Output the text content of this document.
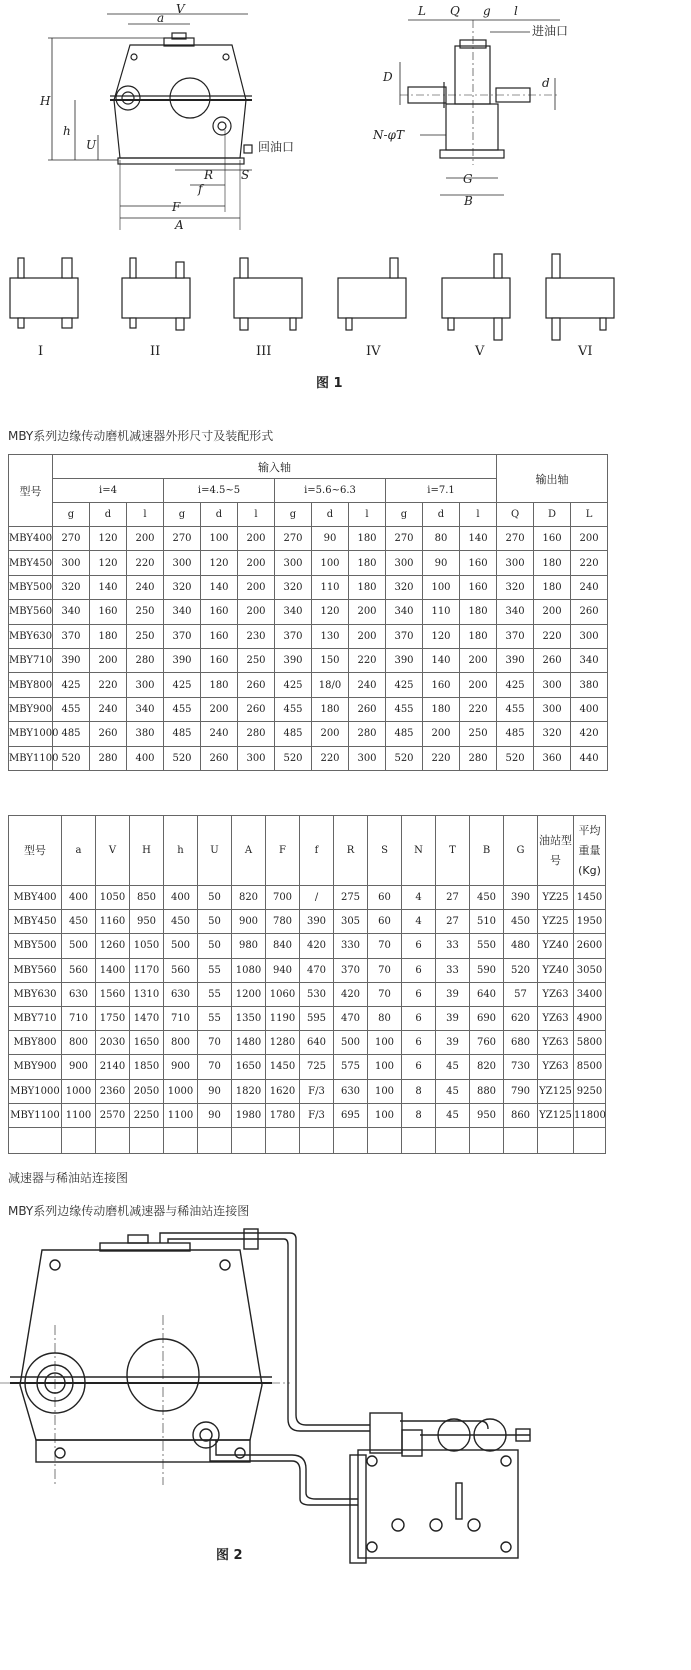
V
a
H
h
U
R S
f
F
A
回油口
L Q g l
进油口
D	d
N-φT
G
B
I	II	III	IV	V	VI
图 1
MBY系列边缘传动磨机减速器外形尺寸及装配形式
型号	输入轴												输出轴		
	i=4			i=4.5~5			i=5.6~6.3			i=7.1					
	g	d	l	g	d	l	g	d	l	g	d	l	Q	D	L
MBY400	270	120	200	270	100	200	270	90	180	270	80	140	270	160	200
MBY450	300	120	220	300	120	200	300	100	180	300	90	160	300	180	220
MBY500	320	140	240	320	140	200	320	110	180	320	100	160	320	180	240
MBY560	340	160	250	340	160	200	340	120	200	340	110	180	340	200	260
MBY630	370	180	250	370	160	230	370	130	200	370	120	180	370	220	300
MBY710	390	200	280	390	160	250	390	150	220	390	140	200	390	260	340
MBY800	425	220	300	425	180	260	425	18/0	240	425	160	200	425	300	380
MBY900	455	240	340	455	200	260	455	180	260	455	180	220	455	300	400
MBY1000	485	260	380	485	240	280	485	200	280	485	200	250	485	320	420
MBY1100	520	280	400	520	260	300	520	220	300	520	220	280	520	360	440
型号	a	V	H	h	U	A	F	f	R	S	N	T	B	G	油站型号	平均重量(Kg)
MBY400	400	1050	850	400	50	820	700	/	275	60	4	27	450	390	YZ25	1450
MBY450	450	1160	950	450	50	900	780	390	305	60	4	27	510	450	YZ25	1950
MBY500	500	1260	1050	500	50	980	840	420	330	70	6	33	550	480	YZ40	2600
MBY560	560	1400	1170	560	55	1080	940	470	370	70	6	33	590	520	YZ40	3050
MBY630	630	1560	1310	630	55	1200	1060	530	420	70	6	39	640	57	YZ63	3400
MBY710	710	1750	1470	710	55	1350	1190	595	470	80	6	39	690	620	YZ63	4900
MBY800	800	2030	1650	800	70	1480	1280	640	500	100	6	39	760	680	YZ63	5800
MBY900	900	2140	1850	900	70	1650	1450	725	575	100	6	45	820	730	YZ63	8500
MBY1000	1000	2360	2050	1000	90	1820	1620	F/3	630	100	8	45	880	790	YZ125	9250
MBY1100	1100	2570	2250	1100	90	1980	1780	F/3	695	100	8	45	950	860	YZ125	11800

减速器与稀油站连接图
MBY系列边缘传动磨机减速器与稀油站连接图
图 2
